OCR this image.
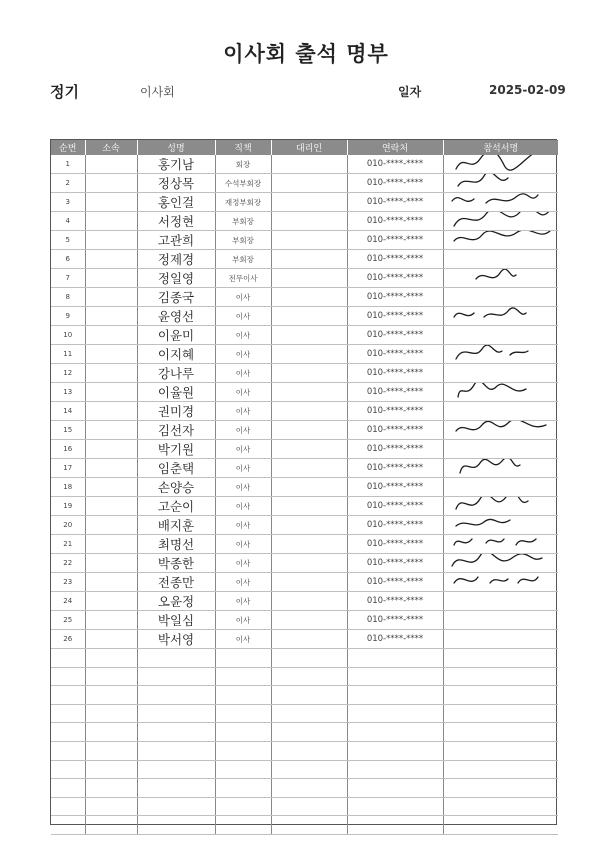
이사회 출석 명부
정기	이사회	일자	2025-02-09
순번	소속	성명	직책	대리인	연락처	참석서명
1		홍기남	회장		010-****-****	

2		정상목	수석부회장		010-****-****	

3		홍인걸	재정부회장		010-****-****	

4		서정현	부회장		010-****-****	

5		고관희	부회장		010-****-****	

6		정제경	부회장		010-****-****	
7		정일영	전무이사		010-****-****	

8		김종국	이사		010-****-****	
9		윤영선	이사		010-****-****	

10		이윤미	이사		010-****-****	
11		이지혜	이사		010-****-****	

12		강나루	이사		010-****-****	
13		이율원	이사		010-****-****	

14		권미경	이사		010-****-****	
15		김선자	이사		010-****-****	

16		박기원	이사		010-****-****	
17		임춘택	이사		010-****-****	

18		손양승	이사		010-****-****	
19		고순이	이사		010-****-****	

20		배지훈	이사		010-****-****	

21		최명선	이사		010-****-****	

22		박종한	이사		010-****-****	

23		전종만	이사		010-****-****	

24		오윤정	이사		010-****-****	
25		박일심	이사		010-****-****	
26		박서영	이사		010-****-****	
